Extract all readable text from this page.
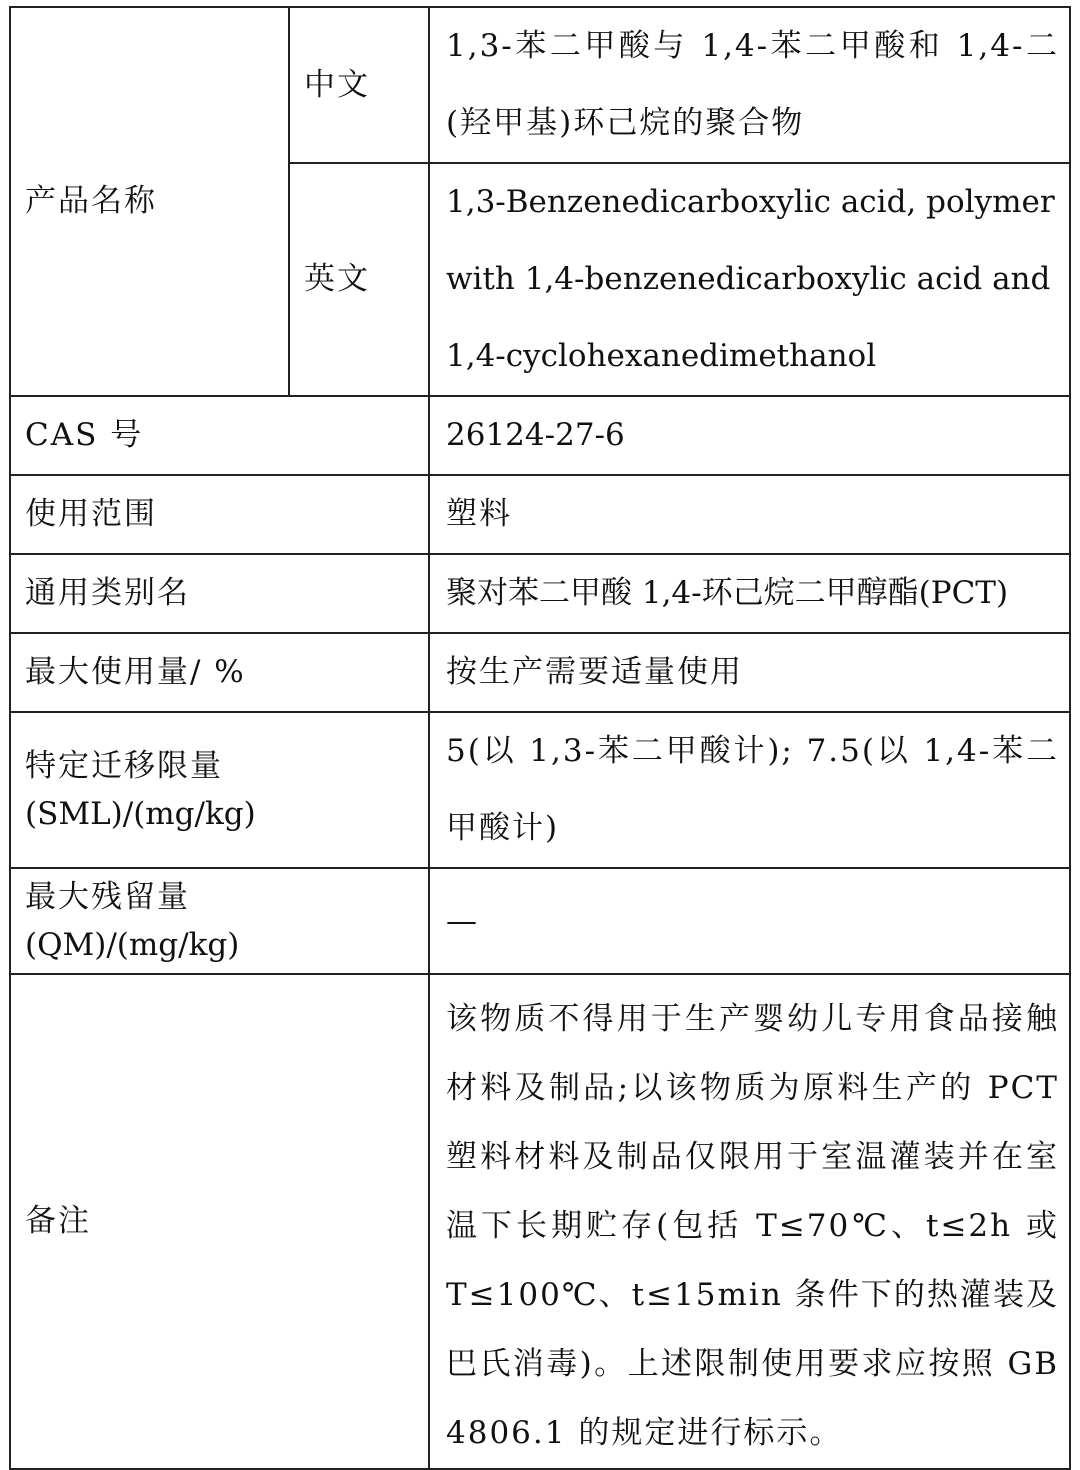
产品名称	中文	1,3-苯二甲酸与 1,4-苯二甲酸和 1,4-二(羟甲基)环己烷的聚合物
	英文	1,3-Benzenedicarboxylic acid, polymer
with 1,4-benzenedicarboxylic acid and
1,4-cyclohexanedimethanol

CAS 号		26124-27-6
使用范围		塑料
通用类别名		聚对苯二甲酸 1,4-环己烷二甲醇酯(PCT)
最大使用量/ %		按生产需要适量使用

特定迁移限量
(SML)/(mg/kg)		5(以 1,3-苯二甲酸计); 7.5(以 1,4-苯二甲酸计)

最大残留量
(QM)/(mg/kg)		—
备注		该物质不得用于生产婴幼儿专用食品接触材料及制品;以该物质为原料生产的 PCT 塑料材料及制品仅限用于室温灌装并在室温下长期贮存(包括 T≤70℃、t≤2h 或 T≤100℃、t≤15min 条件下的热灌装及巴氏消毒)。上述限制使用要求应按照 GB 4806.1 的规定进行标示。
